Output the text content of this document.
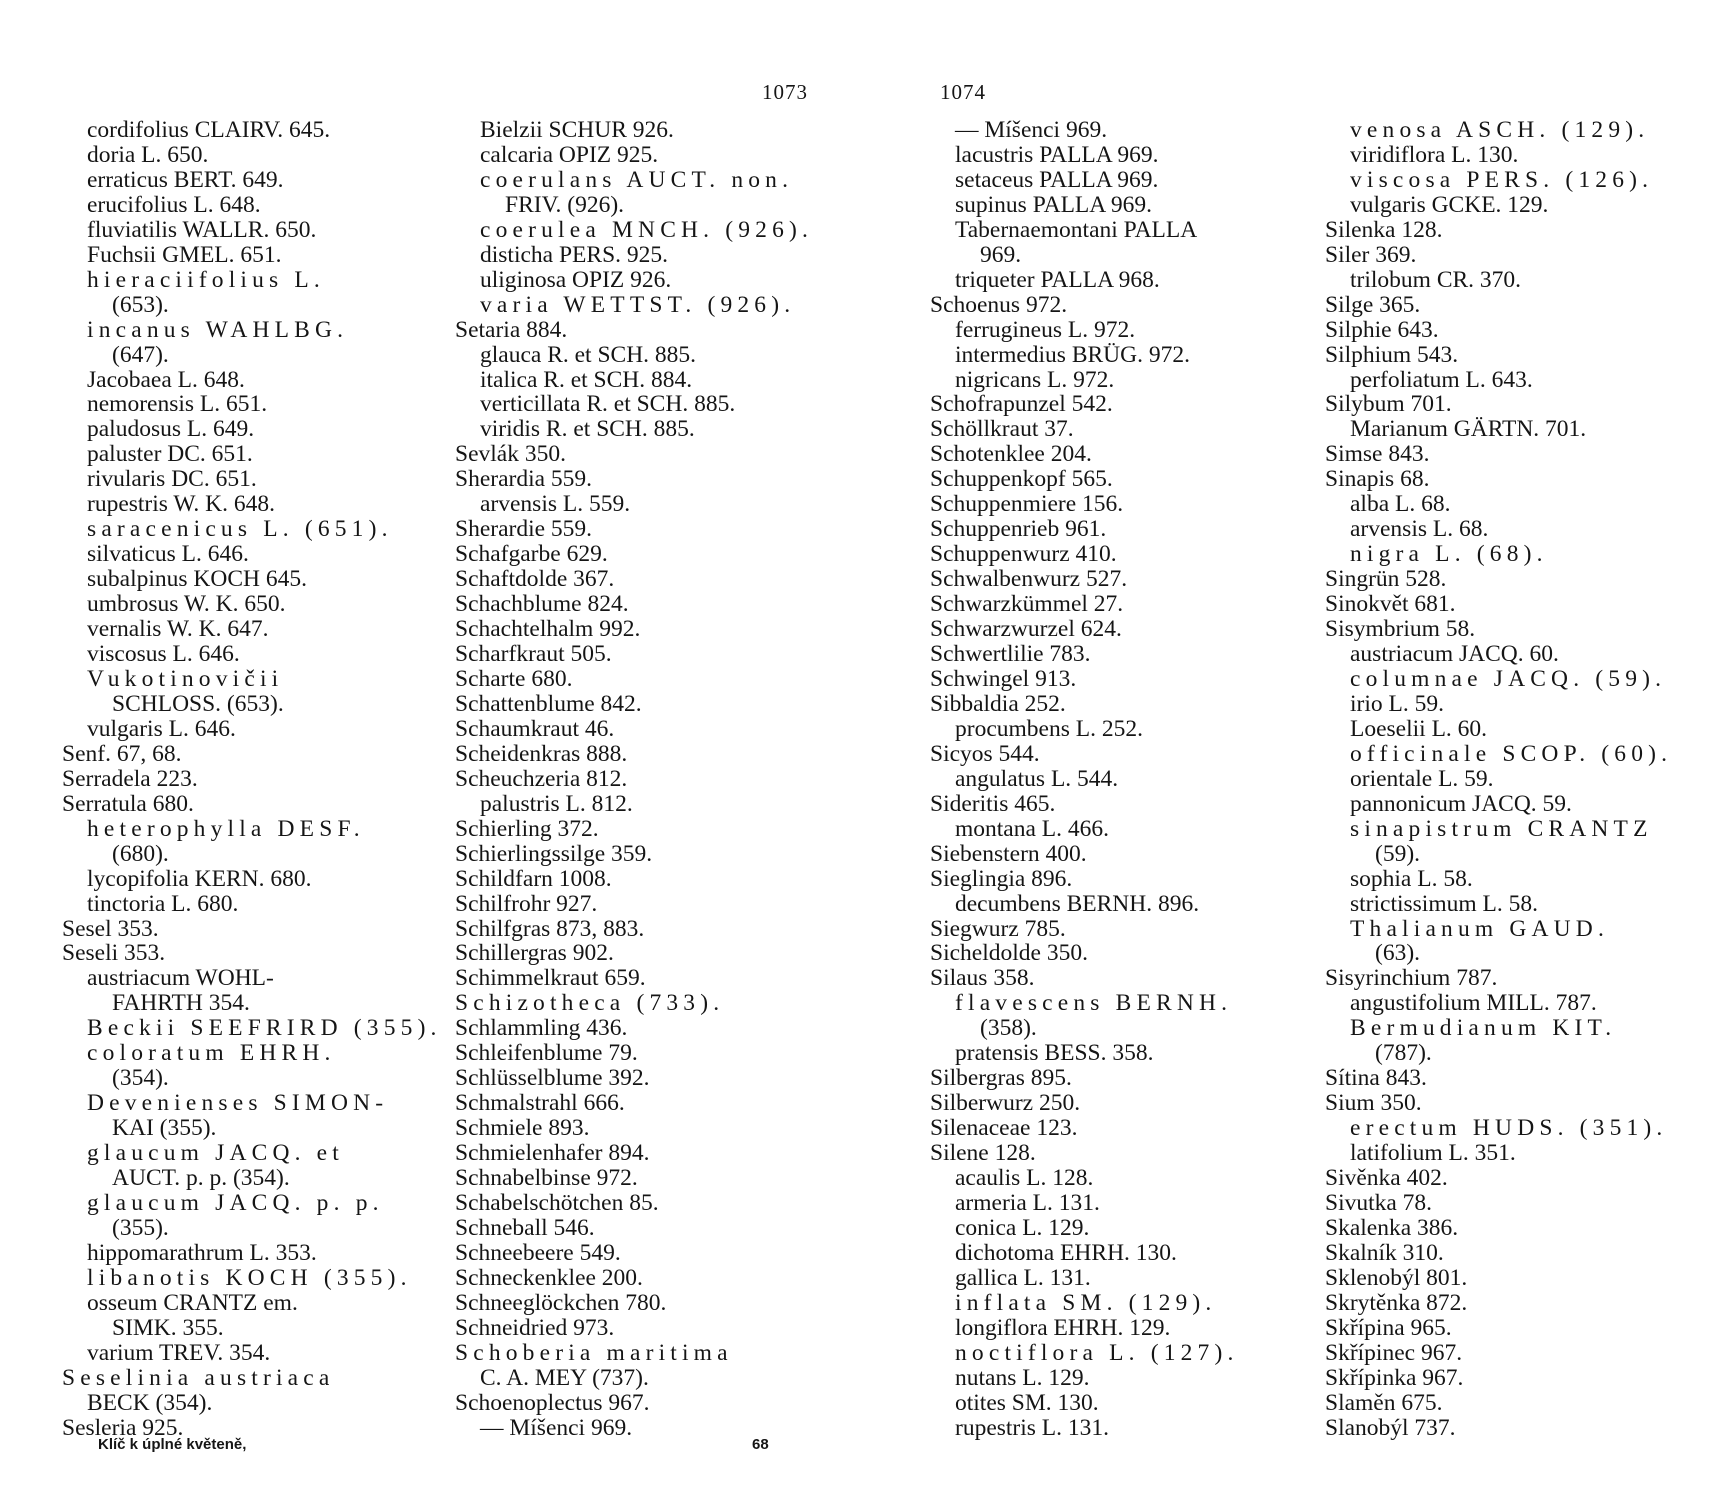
1073	1074
cordifolius CLAIRV. 645.
doria L. 650.
erraticus BERT. 649.
erucifolius L. 648.
fluviatilis WALLR. 650.
Fuchsii GMEL. 651.
hieraciifolius L.
(653).
incanus WAHLBG.
(647).
Jacobaea L. 648.
nemorensis L. 651.
paludosus L. 649.
paluster DC. 651.
rivularis DC. 651.
rupestris W. K. 648.
saracenicus L. (651).
silvaticus L. 646.
subalpinus KOCH 645.
umbrosus W. K. 650.
vernalis W. K. 647.
viscosus L. 646.
Vukotinovičii
SCHLOSS. (653).
vulgaris L. 646.
Senf. 67, 68.
Serradela 223.
Serratula 680.
heterophylla DESF.
(680).
lycopifolia KERN. 680.
tinctoria L. 680.
Sesel 353.
Seseli 353.
austriacum WOHL-
FAHRTH 354.
Beckii SEEFRIRD (355).
coloratum EHRH.
(354).
Devenienses SIMON-
KAI (355).
glaucum JACQ. et
AUCT. p. p. (354).
glaucum JACQ. p. p.
(355).
hippomarathrum L. 353.
libanotis KOCH (355).
osseum CRANTZ em.
SIMK. 355.
varium TREV. 354.
Seselinia austriaca
BECK (354).
Sesleria 925.
Bielzii SCHUR 926.
calcaria OPIZ 925.
coerulans AUCT. non.
FRIV. (926).
coerulea MNCH. (926).
disticha PERS. 925.
uliginosa OPIZ 926.
varia WETTST. (926).
Setaria 884.
glauca R. et SCH. 885.
italica R. et SCH. 884.
verticillata R. et SCH. 885.
viridis R. et SCH. 885.
Sevlák 350.
Sherardia 559.
arvensis L. 559.
Sherardie 559.
Schafgarbe 629.
Schaftdolde 367.
Schachblume 824.
Schachtelhalm 992.
Scharfkraut 505.
Scharte 680.
Schattenblume 842.
Schaumkraut 46.
Scheidenkras 888.
Scheuchzeria 812.
palustris L. 812.
Schierling 372.
Schierlingssilge 359.
Schildfarn 1008.
Schilfrohr 927.
Schilfgras 873, 883.
Schillergras 902.
Schimmelkraut 659.
Schizotheca (733).
Schlammling 436.
Schleifenblume 79.
Schlüsselblume 392.
Schmalstrahl 666.
Schmiele 893.
Schmielenhafer 894.
Schnabelbinse 972.
Schabelschötchen 85.
Schneball 546.
Schneebeere 549.
Schneckenklee 200.
Schneeglöckchen 780.
Schneidried 973.
Schoberia maritima
C. A. MEY (737).
Schoenoplectus 967.
— Míšenci 969.
— Míšenci 969.
lacustris PALLA 969.
setaceus PALLA 969.
supinus PALLA 969.
Tabernaemontani PALLA
969.
triqueter PALLA 968.
Schoenus 972.
ferrugineus L. 972.
intermedius BRÜG. 972.
nigricans L. 972.
Schofrapunzel 542.
Schöllkraut 37.
Schotenklee 204.
Schuppenkopf 565.
Schuppenmiere 156.
Schuppenrieb 961.
Schuppenwurz 410.
Schwalbenwurz 527.
Schwarzkümmel 27.
Schwarzwurzel 624.
Schwertlilie 783.
Schwingel 913.
Sibbaldia 252.
procumbens L. 252.
Sicyos 544.
angulatus L. 544.
Sideritis 465.
montana L. 466.
Siebenstern 400.
Sieglingia 896.
decumbens BERNH. 896.
Siegwurz 785.
Sicheldolde 350.
Silaus 358.
flavescens BERNH.
(358).
pratensis BESS. 358.
Silbergras 895.
Silberwurz 250.
Silenaceae 123.
Silene 128.
acaulis L. 128.
armeria L. 131.
conica L. 129.
dichotoma EHRH. 130.
gallica L. 131.
inflata SM. (129).
longiflora EHRH. 129.
noctiflora L. (127).
nutans L. 129.
otites SM. 130.
rupestris L. 131.
venosa ASCH. (129).
viridiflora L. 130.
viscosa PERS. (126).
vulgaris GCKE. 129.
Silenka 128.
Siler 369.
trilobum CR. 370.
Silge 365.
Silphie 643.
Silphium 543.
perfoliatum L. 643.
Silybum 701.
Marianum GÄRTN. 701.
Simse 843.
Sinapis 68.
alba L. 68.
arvensis L. 68.
nigra L. (68).
Singrün 528.
Sinokvět 681.
Sisymbrium 58.
austriacum JACQ. 60.
columnae JACQ. (59).
irio L. 59.
Loeselii L. 60.
officinale SCOP. (60).
orientale L. 59.
pannonicum JACQ. 59.
sinapistrum CRANTZ
(59).
sophia L. 58.
strictissimum L. 58.
Thalianum GAUD.
(63).
Sisyrinchium 787.
angustifolium MILL. 787.
Bermudianum KIT.
(787).
Sítina 843.
Sium 350.
erectum HUDS. (351).
latifolium L. 351.
Sivěnka 402.
Sivutka 78.
Skalenka 386.
Skalník 310.
Sklenobýl 801.
Skrytěnka 872.
Skřípina 965.
Skřípinec 967.
Skřípinka 967.
Slaměn 675.
Slanobýl 737.
Klíč k úplné květeně,	68
